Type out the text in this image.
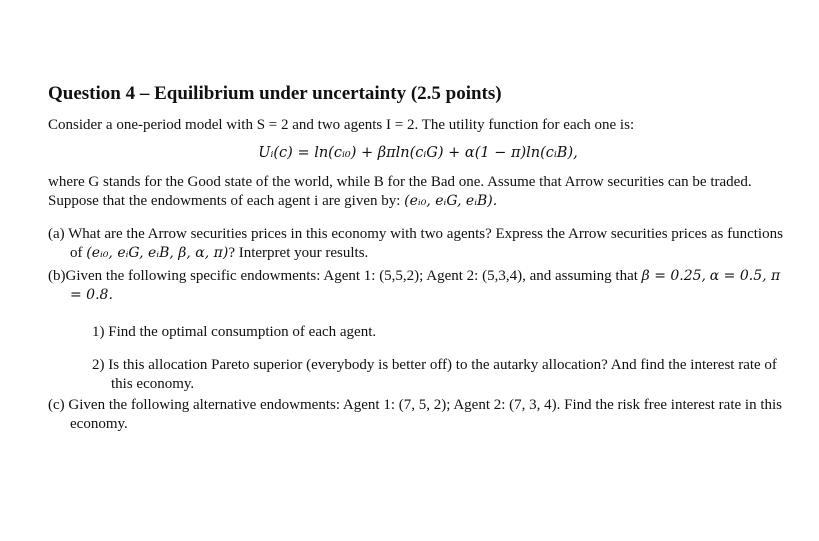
Question 4 – Equilibrium under uncertainty (2.5 points)

Consider a one-period model with S = 2 and two agents I = 2. The utility function for each one is:

Uᵢ(c) = ln(cᵢ₀) + βπln(cᵢG) + α(1 − π)ln(cᵢB),

where G stands for the Good state of the world, while B for the Bad one. Assume that Arrow securities can be traded. Suppose that the endowments of each agent i are given by: (eᵢ₀, eᵢG, eᵢB).

(a) What are the Arrow securities prices in this economy with two agents? Express the Arrow securities prices as functions of (eᵢ₀, eᵢG, eᵢB, β, α, π)? Interpret your results.
(b)Given the following specific endowments: Agent 1: (5,5,2); Agent 2: (5,3,4), and assuming that β = 0.25, α = 0.5, π = 0.8.
1) Find the optimal consumption of each agent.
2) Is this allocation Pareto superior (everybody is better off) to the autarky allocation? And find the interest rate of this economy.
(c) Given the following alternative endowments: Agent 1: (7, 5, 2); Agent 2: (7, 3, 4). Find the risk free interest rate in this economy.
